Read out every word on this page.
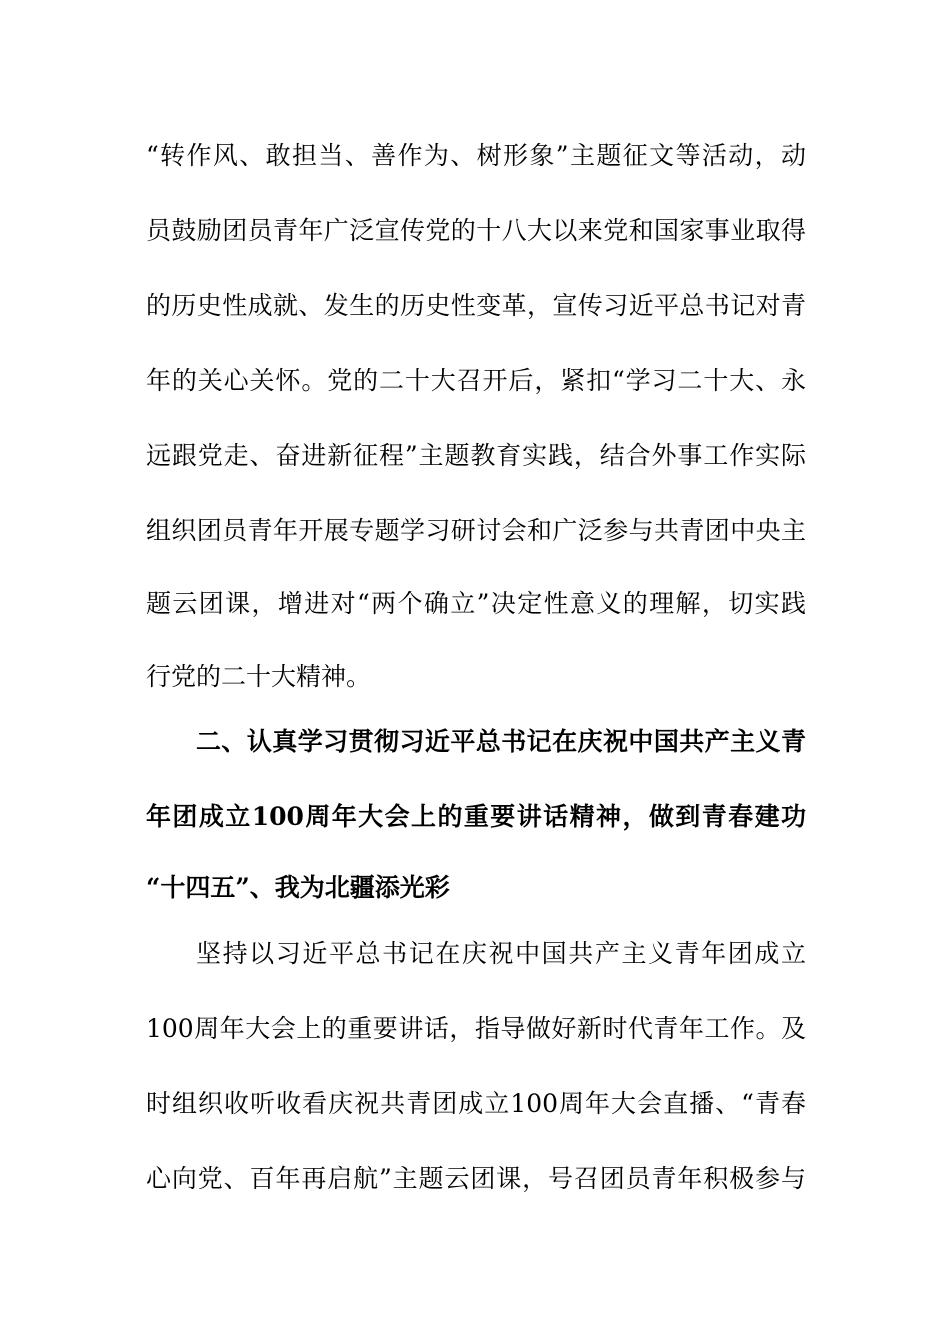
“转作风、敢担当、善作为、树形象”主题征文等活动，动
员鼓励团员青年广泛宣传党的十八大以来党和国家事业取得
的历史性成就、发生的历史性变革，宣传习近平总书记对青
年的关心关怀。党的二十大召开后，紧扣“学习二十大、永
远跟党走、奋进新征程”主题教育实践，结合外事工作实际
组织团员青年开展专题学习研讨会和广泛参与共青团中央主
题云团课，增进对“两个确立”决定性意义的理解，切实践
行党的二十大精神。
二、认真学习贯彻习近平总书记在庆祝中国共产主义青
年团成立100周年大会上的重要讲话精神，做到青春建功
“十四五”、我为北疆添光彩
坚持以习近平总书记在庆祝中国共产主义青年团成立
100周年大会上的重要讲话，指导做好新时代青年工作。及
时组织收听收看庆祝共青团成立100周年大会直播、“青春
心向党、百年再启航”主题云团课，号召团员青年积极参与
